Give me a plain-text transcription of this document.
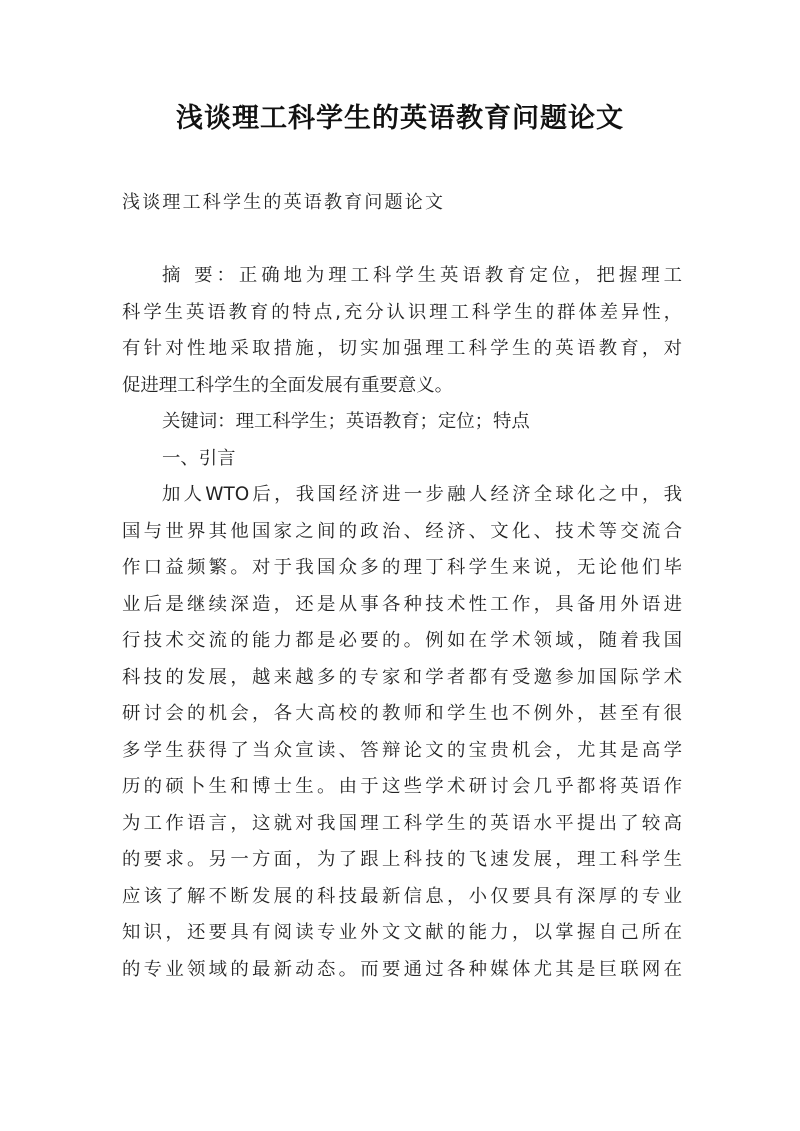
浅谈理工科学生的英语教育问题论文
浅谈理工科学生的英语教育问题论文
摘 要：正确地为理工科学生英语教育定位，把握理工
科学生英语教育的特点,充分认识理工科学生的群体差异性，
有针对性地采取措施，切实加强理工科学生的英语教育，对
促进理工科学生的全面发展有重要意义。
关键词：理工科学生；英语教育；定位；特点
一、引言
加人WTO后，我国经济进一步融人经济全球化之中，我
国与世界其他国家之间的政治、经济、文化、技术等交流合
作口益频繁。对于我国众多的理丁科学生来说，无论他们毕
业后是继续深造，还是从事各种技术性工作，具备用外语进
行技术交流的能力都是必要的。例如在学术领域，随着我国
科技的发展，越来越多的专家和学者都有受邀参加国际学术
研讨会的机会，各大高校的教师和学生也不例外，甚至有很
多学生获得了当众宣读、答辩论文的宝贵机会，尤其是高学
历的硕卜生和博士生。由于这些学术研讨会几乎都将英语作
为工作语言，这就对我国理工科学生的英语水平提出了较高
的要求。另一方面，为了跟上科技的飞速发展，理工科学生
应该了解不断发展的科技最新信息，小仅要具有深厚的专业
知识，还要具有阅读专业外文文献的能力，以掌握自己所在
的专业领域的最新动态。而要通过各种媒体尤其是巨联网在
